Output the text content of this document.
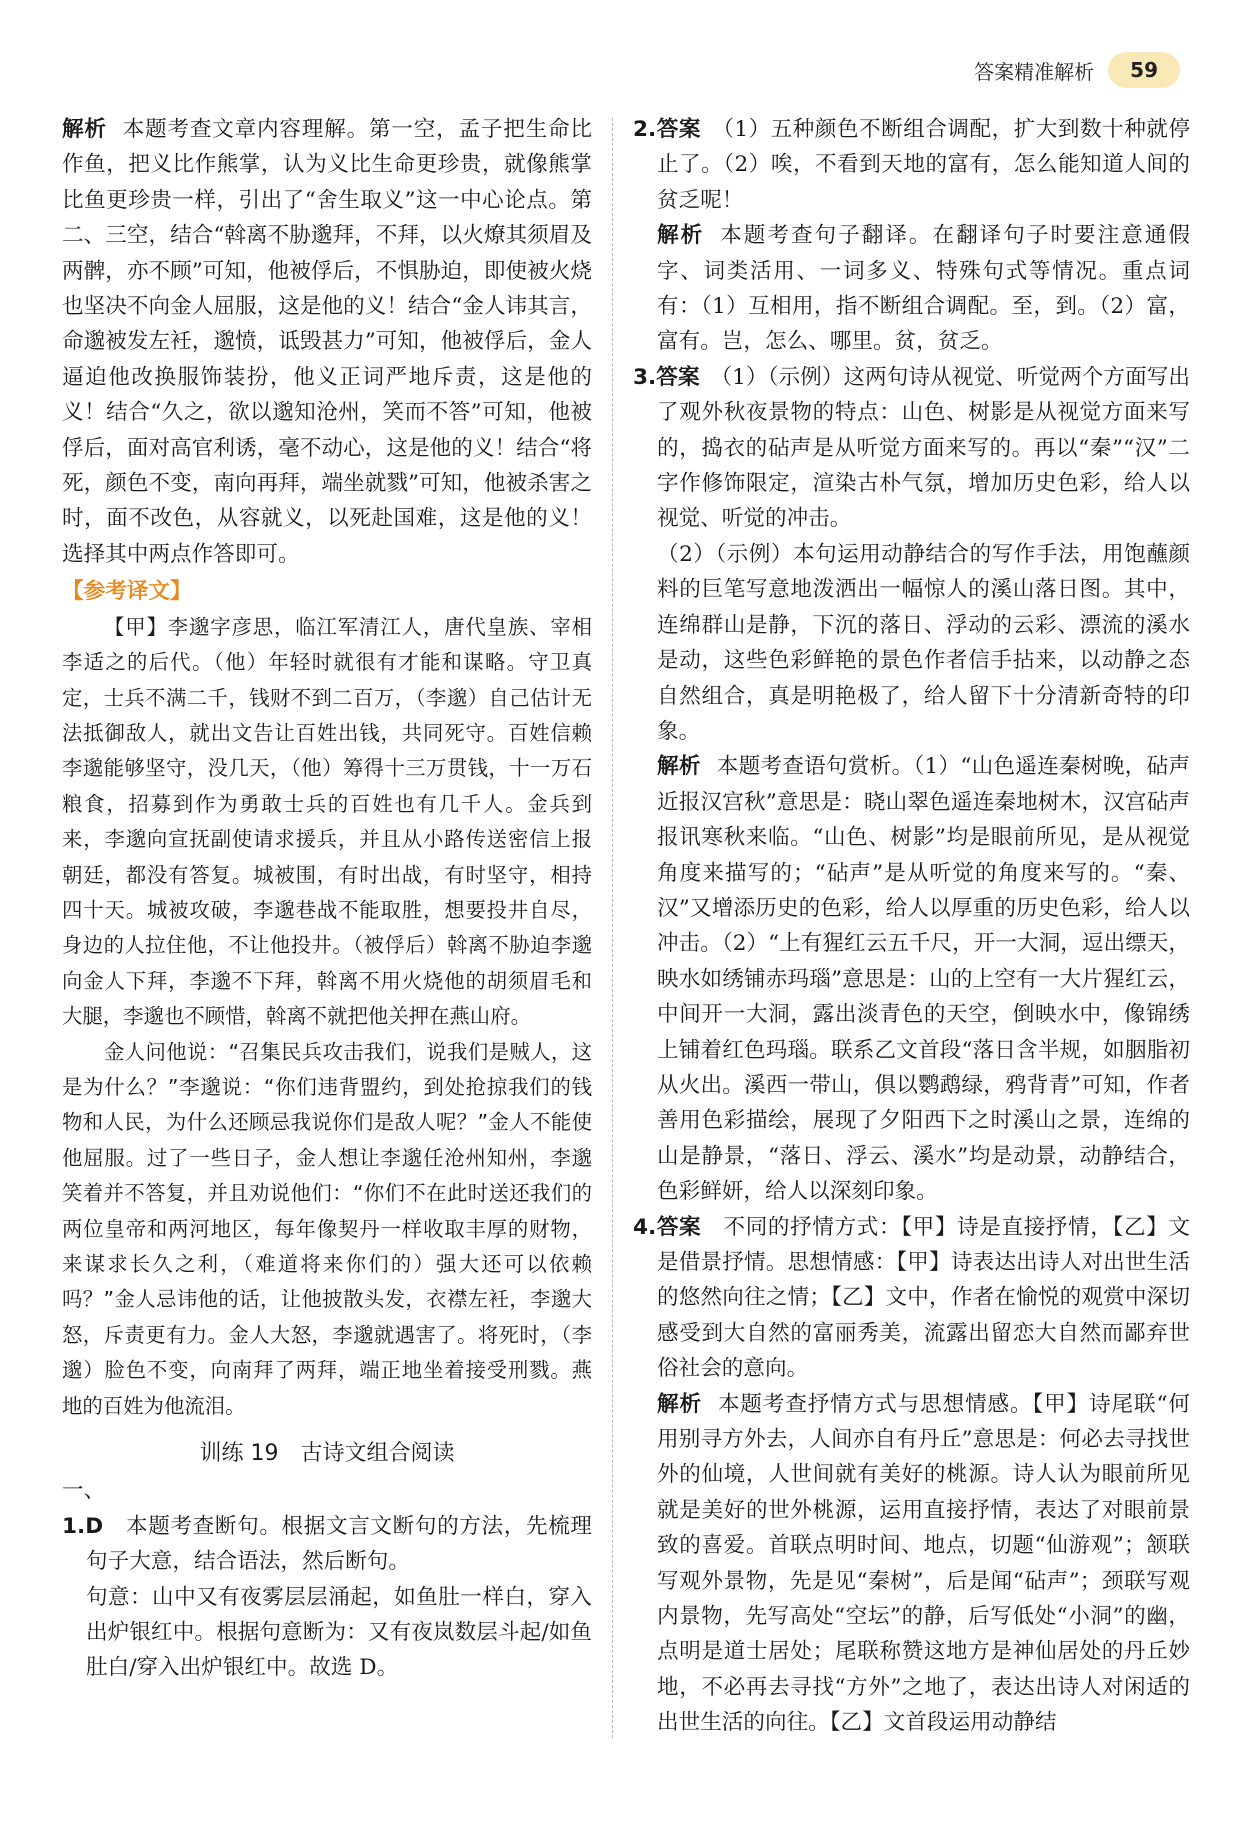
答案精准解析	59

解析 本题考查文章内容理解。第一空，孟子把生命比作鱼，把义比作熊掌，认为义比生命更珍贵，就像熊掌比鱼更珍贵一样，引出了“舍生取义”这一中心论点。第二、三空，结合“斡离不胁邈拜，不拜，以火燎其须眉及两髀，亦不顾”可知，他被俘后，不惧胁迫，即使被火烧也坚决不向金人屈服，这是他的义！结合“金人讳其言，命邈被发左衽，邈愤，诋毁甚力”可知，他被俘后，金人逼迫他改换服饰装扮，他义正词严地斥责，这是他的义！结合“久之，欲以邈知沧州，笑而不答”可知，他被俘后，面对高官利诱，毫不动心，这是他的义！结合“将死，颜色不变，南向再拜，端坐就戮”可知，他被杀害之时，面不改色，从容就义，以死赴国难，这是他的义！选择其中两点作答即可。

【参考译文】

【甲】李邈字彦思，临江军清江人，唐代皇族、宰相李适之的后代。（他）年轻时就很有才能和谋略。守卫真定，士兵不满二千，钱财不到二百万，（李邈）自己估计无法抵御敌人，就出文告让百姓出钱，共同死守。百姓信赖李邈能够坚守，没几天，（他）筹得十三万贯钱，十一万石粮食，招募到作为勇敢士兵的百姓也有几千人。金兵到来，李邈向宣抚副使请求援兵，并且从小路传送密信上报朝廷，都没有答复。城被围，有时出战，有时坚守，相持四十天。城被攻破，李邈巷战不能取胜，想要投井自尽，身边的人拉住他，不让他投井。（被俘后）斡离不胁迫李邈向金人下拜，李邈不下拜，斡离不用火烧他的胡须眉毛和大腿，李邈也不顾惜，斡离不就把他关押在燕山府。

金人问他说：“召集民兵攻击我们，说我们是贼人，这是为什么？”李邈说：“你们违背盟约，到处抢掠我们的钱物和人民，为什么还顾忌我说你们是敌人呢？”金人不能使他屈服。过了一些日子，金人想让李邈任沧州知州，李邈笑着并不答复，并且劝说他们：“你们不在此时送还我们的两位皇帝和两河地区，每年像契丹一样收取丰厚的财物，来谋求长久之利，（难道将来你们的）强大还可以依赖吗？”金人忌讳他的话，让他披散头发，衣襟左衽，李邈大怒，斥责更有力。金人大怒，李邈就遇害了。将死时，（李邈）脸色不变，向南拜了两拜，端正地坐着接受刑戮。燕地的百姓为他流泪。

训练 19　古诗文组合阅读

一、

1.D　 本题考查断句。根据文言文断句的方法，先梳理句子大意，结合语法，然后断句。

句意：山中又有夜雾层层涌起，如鱼肚一样白，穿入出炉银红中。根据句意断为：又有夜岚数层斗起/如鱼肚白/穿入出炉银红中。故选 D。

2.答案　 （1）五种颜色不断组合调配，扩大到数十种就停止了。（2）唉，不看到天地的富有，怎么能知道人间的贫乏呢！

解析 本题考查句子翻译。在翻译句子时要注意通假字、词类活用、一词多义、特殊句式等情况。重点词有：（1）互相用，指不断组合调配。至，到。（2）富，富有。岂，怎么、哪里。贫，贫乏。

3.答案　 （1）（示例）这两句诗从视觉、听觉两个方面写出了观外秋夜景物的特点：山色、树影是从视觉方面来写的，捣衣的砧声是从听觉方面来写的。再以“秦”“汉”二字作修饰限定，渲染古朴气氛，增加历史色彩，给人以视觉、听觉的冲击。

（2）（示例）本句运用动静结合的写作手法，用饱蘸颜料的巨笔写意地泼洒出一幅惊人的溪山落日图。其中，连绵群山是静，下沉的落日、浮动的云彩、漂流的溪水是动，这些色彩鲜艳的景色作者信手拈来，以动静之态自然组合，真是明艳极了，给人留下十分清新奇特的印象。

解析 本题考查语句赏析。（1）“山色遥连秦树晚，砧声近报汉宫秋”意思是：晓山翠色遥连秦地树木，汉宫砧声报讯寒秋来临。“山色、树影”均是眼前所见，是从视觉角度来描写的；“砧声”是从听觉的角度来写的。“秦、汉”又增添历史的色彩，给人以厚重的历史色彩，给人以冲击。（2）“上有猩红云五千尺，开一大洞，逗出缥天，映水如绣铺赤玛瑙”意思是：山的上空有一大片猩红云，中间开一大洞，露出淡青色的天空，倒映水中，像锦绣上铺着红色玛瑙。联系乙文首段“落日含半规，如胭脂初从火出。溪西一带山，俱以鹦鹉绿，鸦背青”可知，作者善用色彩描绘，展现了夕阳西下之时溪山之景，连绵的山是静景，“落日、浮云、溪水”均是动景，动静结合，色彩鲜妍，给人以深刻印象。

4.答案　 不同的抒情方式：【甲】诗是直接抒情，【乙】文是借景抒情。思想情感：【甲】诗表达出诗人对出世生活的悠然向往之情；【乙】文中，作者在愉悦的观赏中深切感受到大自然的富丽秀美，流露出留恋大自然而鄙弃世俗社会的意向。

解析 本题考查抒情方式与思想情感。【甲】诗尾联“何用别寻方外去，人间亦自有丹丘”意思是：何必去寻找世外的仙境，人世间就有美好的桃源。诗人认为眼前所见就是美好的世外桃源，运用直接抒情，表达了对眼前景致的喜爱。首联点明时间、地点，切题“仙游观”；颔联写观外景物，先是见“秦树”，后是闻“砧声”；颈联写观内景物，先写高处“空坛”的静，后写低处“小洞”的幽，点明是道士居处；尾联称赞这地方是神仙居处的丹丘妙地，不必再去寻找“方外”之地了，表达出诗人对闲适的出世生活的向往。【乙】文首段运用动静结
